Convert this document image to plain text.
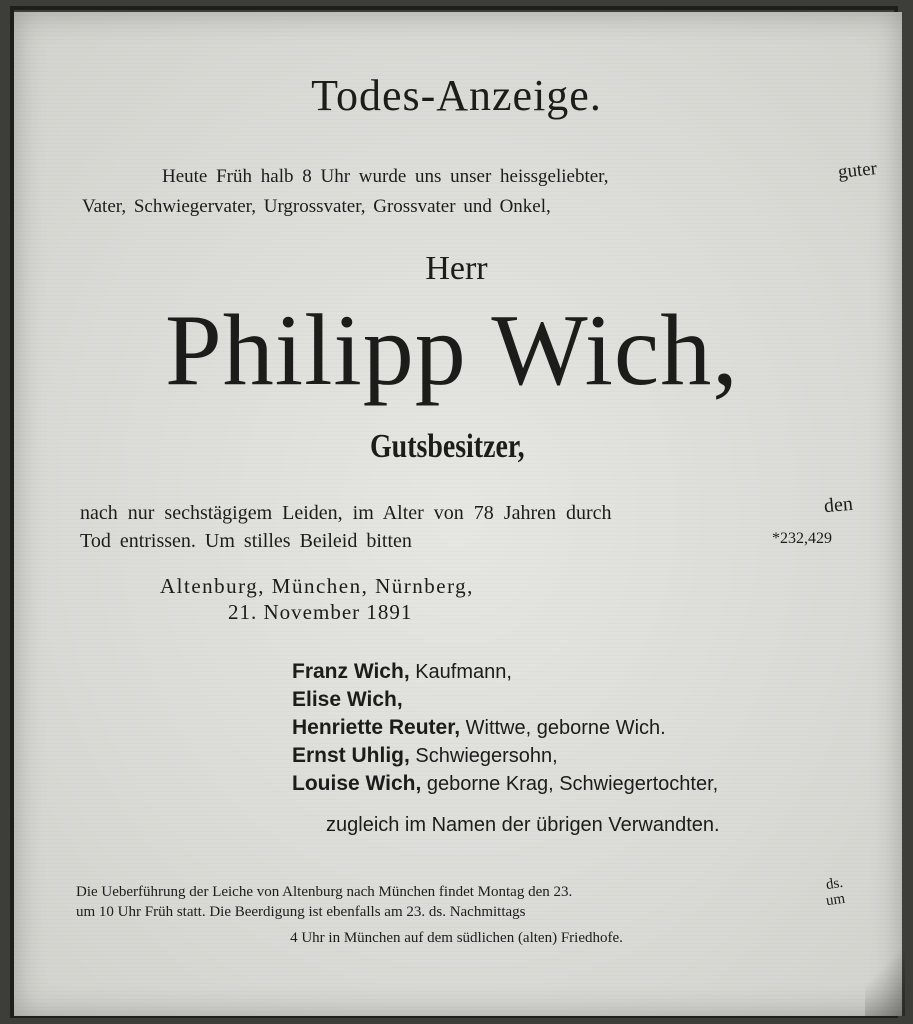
Todes-Anzeige.
Heute Früh halb 8 Uhr wurde uns unser heissgeliebter,	guter
Vater, Schwiegervater, Urgrossvater, Grossvater und Onkel,
Herr
Philipp Wich,
Gutsbesitzer,
nach nur sechstägigem Leiden, im Alter von 78 Jahren durch	den
Tod entrissen. Um stilles Beileid bitten	*232,429
Altenburg, München, Nürnberg,
21. November 1891
Franz Wich, Kaufmann,
Elise Wich,
Henriette Reuter, Wittwe, geborne Wich.
Ernst Uhlig, Schwiegersohn,
Louise Wich, geborne Krag, Schwiegertochter,
zugleich im Namen der übrigen Verwandten.
Die Ueberführung der Leiche von Altenburg nach München findet Montag den 23.	ds.
um 10 Uhr Früh statt. Die Beerdigung ist ebenfalls am 23. ds. Nachmittags
um
4 Uhr in München auf dem südlichen (alten) Friedhofe.
